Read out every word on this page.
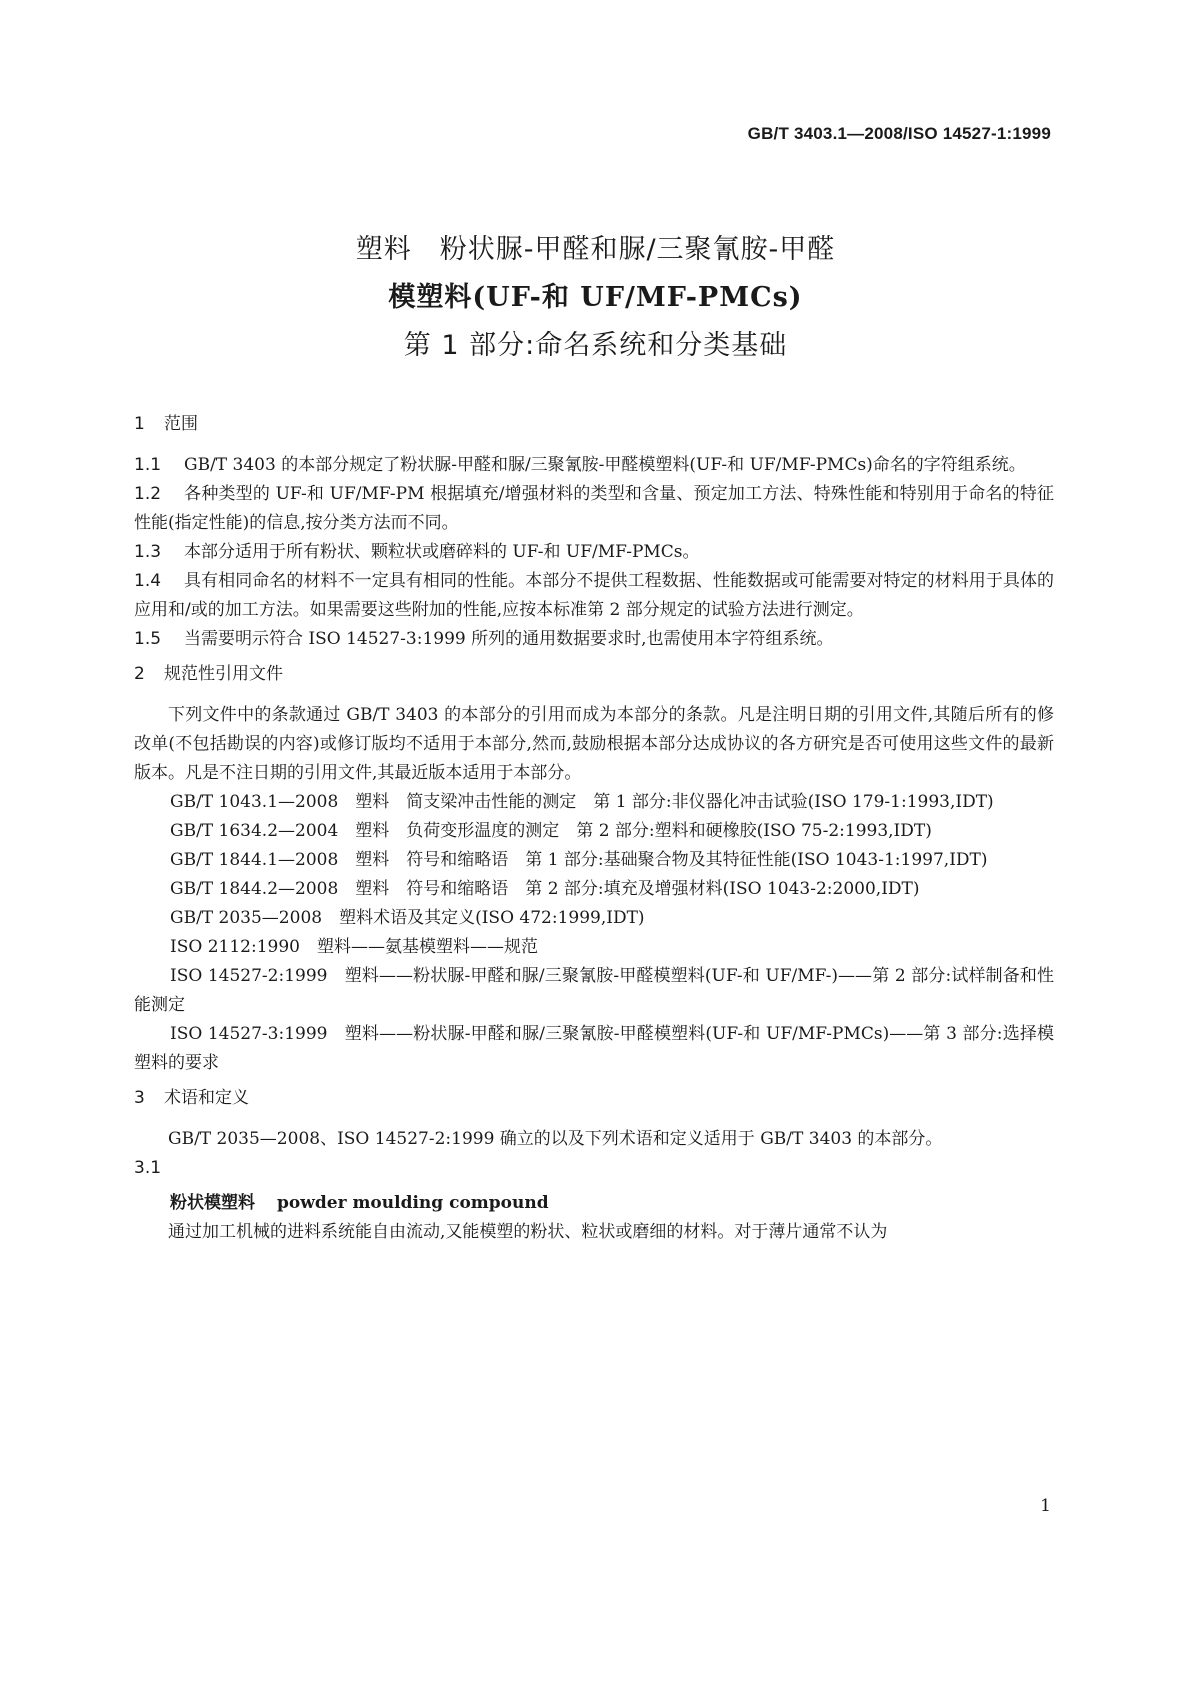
GB/T 3403.1—2008/ISO 14527-1:1999
塑料　粉状脲-甲醛和脲/三聚氰胺-甲醛
模塑料(UF-和 UF/MF-PMCs)
第 1 部分:命名系统和分类基础
1 范围

1.1 GB/T 3403 的本部分规定了粉状脲-甲醛和脲/三聚氰胺-甲醛模塑料(UF-和 UF/MF-PMCs)命名的字符组系统。

1.2 各种类型的 UF-和 UF/MF-PM 根据填充/增强材料的类型和含量、预定加工方法、特殊性能和特别用于命名的特征性能(指定性能)的信息,按分类方法而不同。

1.3 本部分适用于所有粉状、颗粒状或磨碎料的 UF-和 UF/MF-PMCs。

1.4 具有相同命名的材料不一定具有相同的性能。本部分不提供工程数据、性能数据或可能需要对特定的材料用于具体的应用和/或的加工方法。如果需要这些附加的性能,应按本标准第 2 部分规定的试验方法进行测定。

1.5 当需要明示符合 ISO 14527-3:1999 所列的通用数据要求时,也需使用本字符组系统。

2 规范性引用文件

下列文件中的条款通过 GB/T 3403 的本部分的引用而成为本部分的条款。凡是注明日期的引用文件,其随后所有的修改单(不包括勘误的内容)或修订版均不适用于本部分,然而,鼓励根据本部分达成协议的各方研究是否可使用这些文件的最新版本。凡是不注日期的引用文件,其最近版本适用于本部分。

GB/T 1043.1—2008　塑料　简支梁冲击性能的测定　第 1 部分:非仪器化冲击试验(ISO 179-1:1993,IDT)

GB/T 1634.2—2004　塑料　负荷变形温度的测定　第 2 部分:塑料和硬橡胶(ISO 75-2:1993,IDT)

GB/T 1844.1—2008　塑料　符号和缩略语　第 1 部分:基础聚合物及其特征性能(ISO 1043-1:1997,IDT)

GB/T 1844.2—2008　塑料　符号和缩略语　第 2 部分:填充及增强材料(ISO 1043-2:2000,IDT)

GB/T 2035—2008　塑料术语及其定义(ISO 472:1999,IDT)

ISO 2112:1990　塑料——氨基模塑料——规范

ISO 14527-2:1999　塑料——粉状脲-甲醛和脲/三聚氰胺-甲醛模塑料(UF-和 UF/MF-)——第 2 部分:试样制备和性能测定

ISO 14527-3:1999　塑料——粉状脲-甲醛和脲/三聚氰胺-甲醛模塑料(UF-和 UF/MF-PMCs)——第 3 部分:选择模塑料的要求

3 术语和定义

GB/T 2035—2008、ISO 14527-2:1999 确立的以及下列术语和定义适用于 GB/T 3403 的本部分。

3.1

粉状模塑料 powder moulding compound

通过加工机械的进料系统能自由流动,又能模塑的粉状、粒状或磨细的材料。对于薄片通常不认为

1
